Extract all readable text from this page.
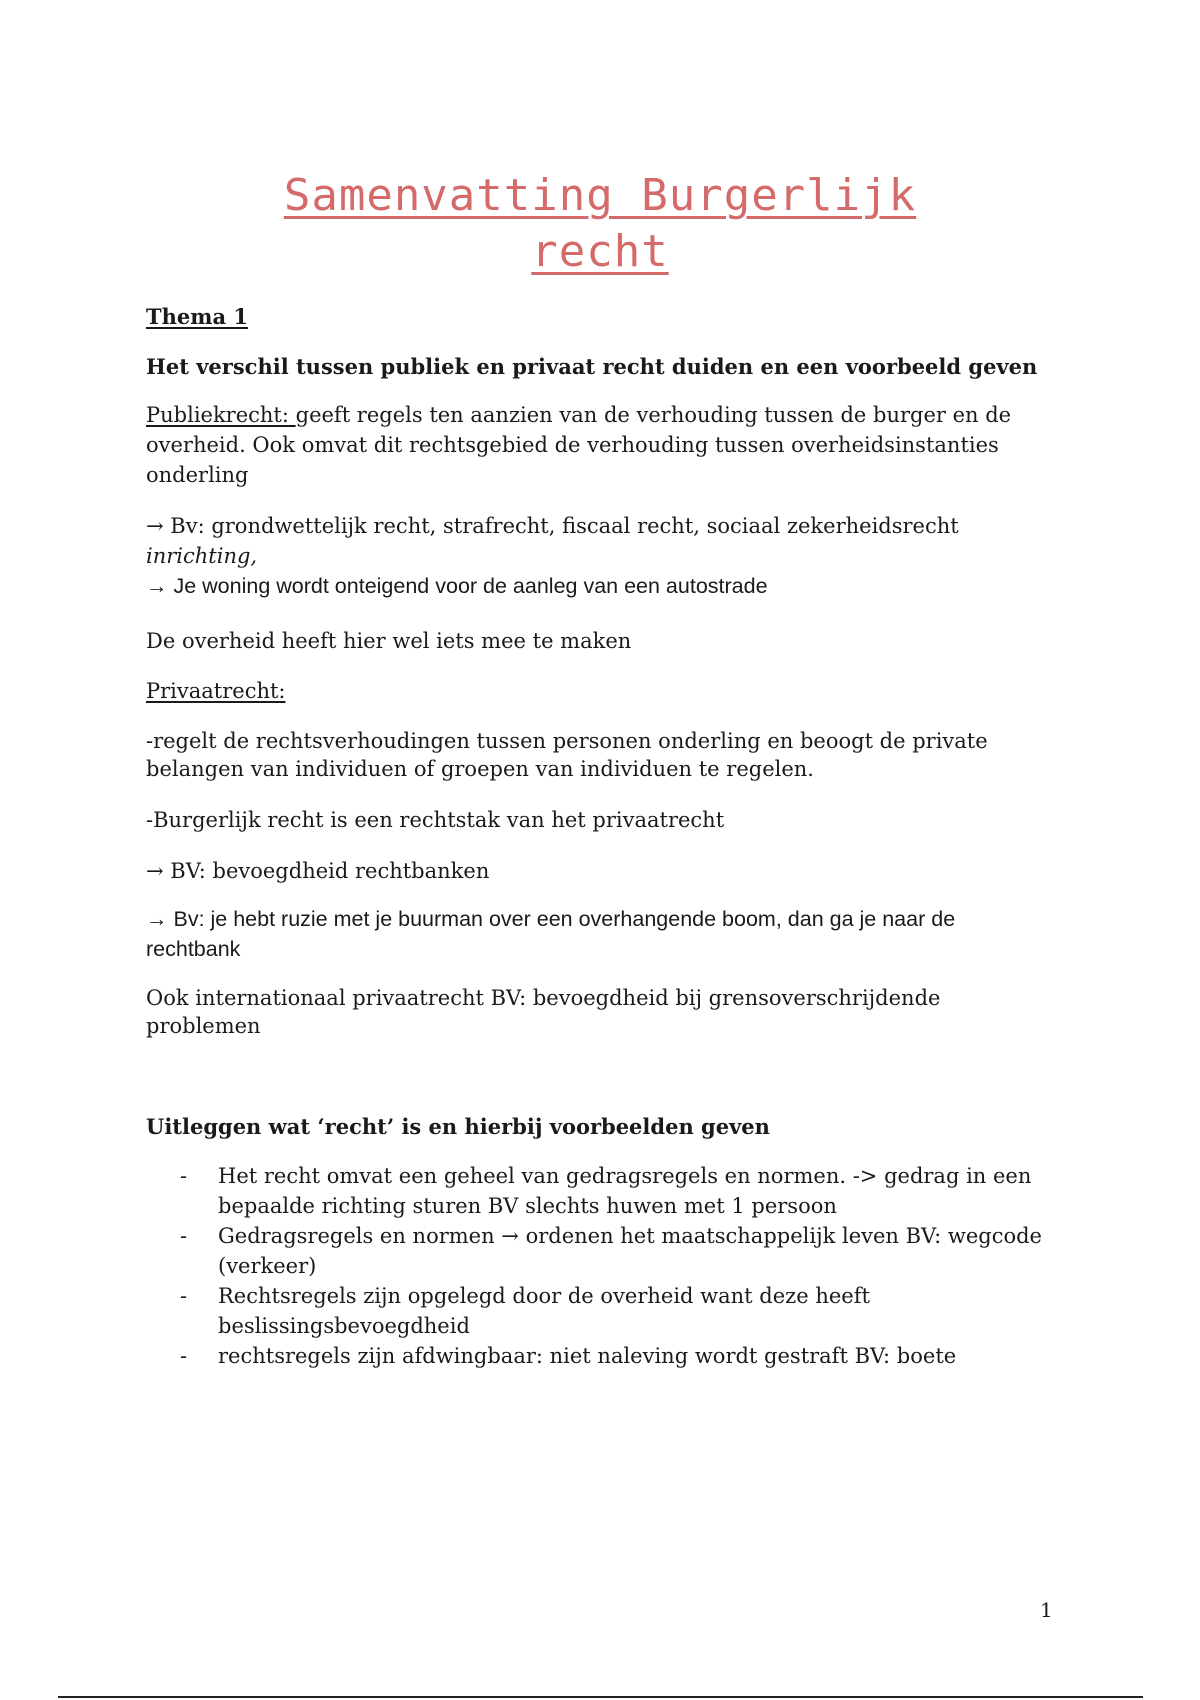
Samenvatting Burgerlijk
recht
Thema 1
Het verschil tussen publiek en privaat recht duiden en een voorbeeld geven
Publiekrecht: geeft regels ten aanzien van de verhouding tussen de burger en de
overheid. Ook omvat dit rechtsgebied de verhouding tussen overheidsinstanties
onderling
→ Bv: grondwettelijk recht, strafrecht, fiscaal recht, sociaal zekerheidsrecht
inrichting,
→ Je woning wordt onteigend voor de aanleg van een autostrade
De overheid heeft hier wel iets mee te maken
Privaatrecht:
-regelt de rechtsverhoudingen tussen personen onderling en beoogt de private
belangen van individuen of groepen van individuen te regelen.
-Burgerlijk recht is een rechtstak van het privaatrecht
→ BV: bevoegdheid rechtbanken
→ Bv: je hebt ruzie met je buurman over een overhangende boom, dan ga je naar de
rechtbank
Ook internationaal privaatrecht BV: bevoegdheid bij grensoverschrijdende
problemen
Uitleggen wat ‘recht’ is en hierbij voorbeelden geven
- Het recht omvat een geheel van gedragsregels en normen. -> gedrag in een
bepaalde richting sturen BV slechts huwen met 1 persoon
- Gedragsregels en normen → ordenen het maatschappelijk leven BV: wegcode
(verkeer)
- Rechtsregels zijn opgelegd door de overheid want deze heeft
beslissingsbevoegdheid
- rechtsregels zijn afdwingbaar: niet naleving wordt gestraft BV: boete
1
